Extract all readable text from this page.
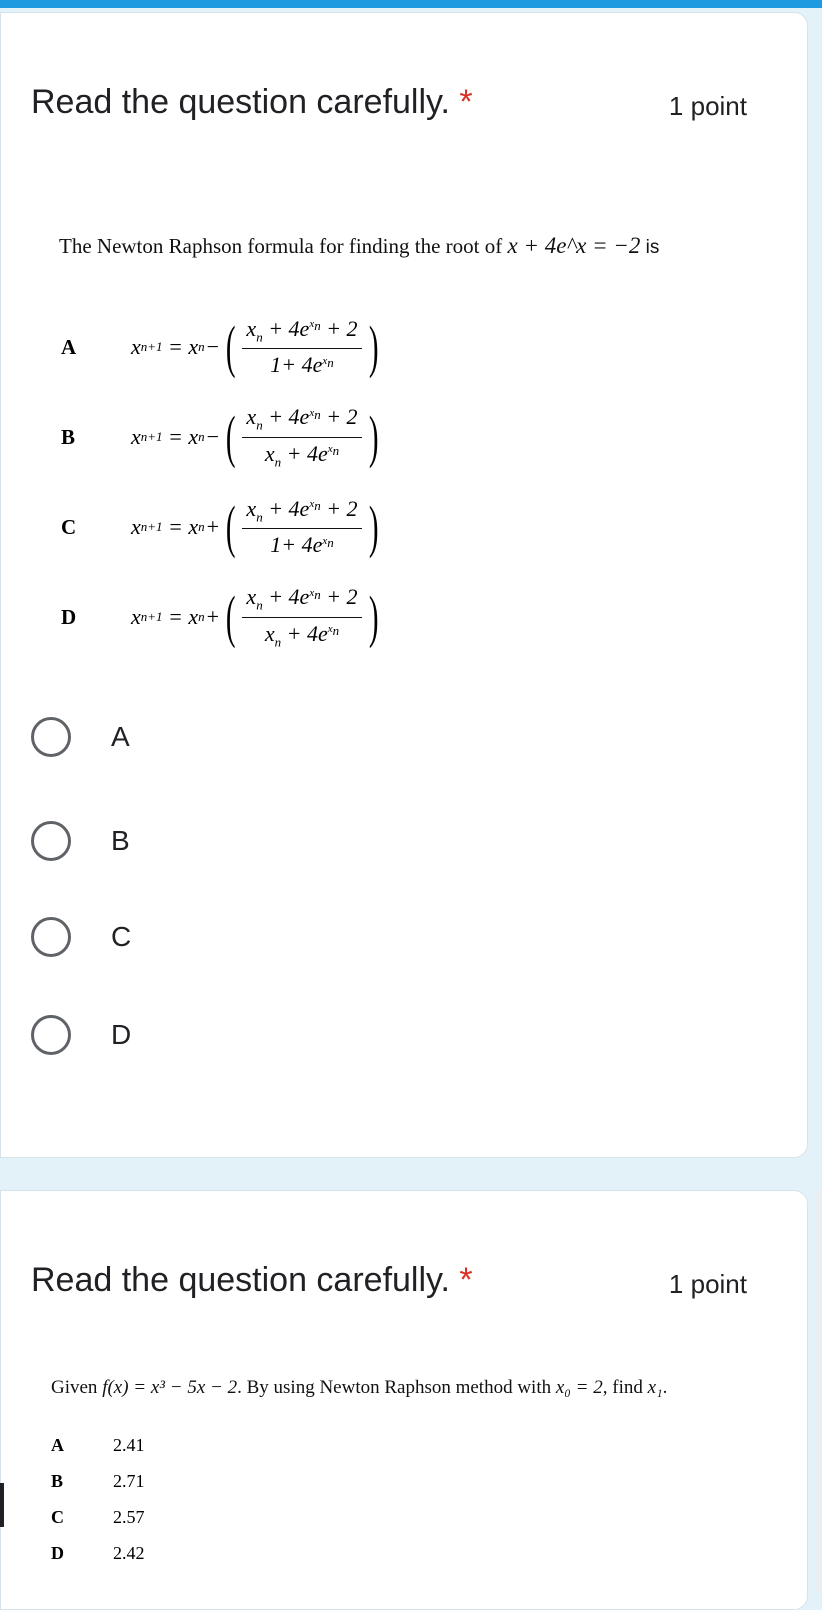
Read the question carefully. *	1 point
The Newton Raphson formula for finding the root of x + 4e^x = −2 is
A	x n+1 = x n − ( $\frac{x_n + 4e^{x_n} + 2}{1+ 4e^{x_n}}$ )
B	x n+1 = x n − ( $\frac{x_n + 4e^{x_n} + 2}{x_n + 4e^{x_n}}$ )
C	x n+1 = x n + ( $\frac{x_n + 4e^{x_n} + 2}{1+ 4e^{x_n}}$ )
D	x n+1 = x n + ( $\frac{x_n + 4e^{x_n} + 2}{x_n + 4e^{x_n}}$ )
A
B
C
D
Read the question carefully. *	1 point
Given f(x) = x³ − 5x − 2. By using Newton Raphson method with x₀ = 2, find x₁.
A	2.41
B	2.71
C	2.57
D	2.42
